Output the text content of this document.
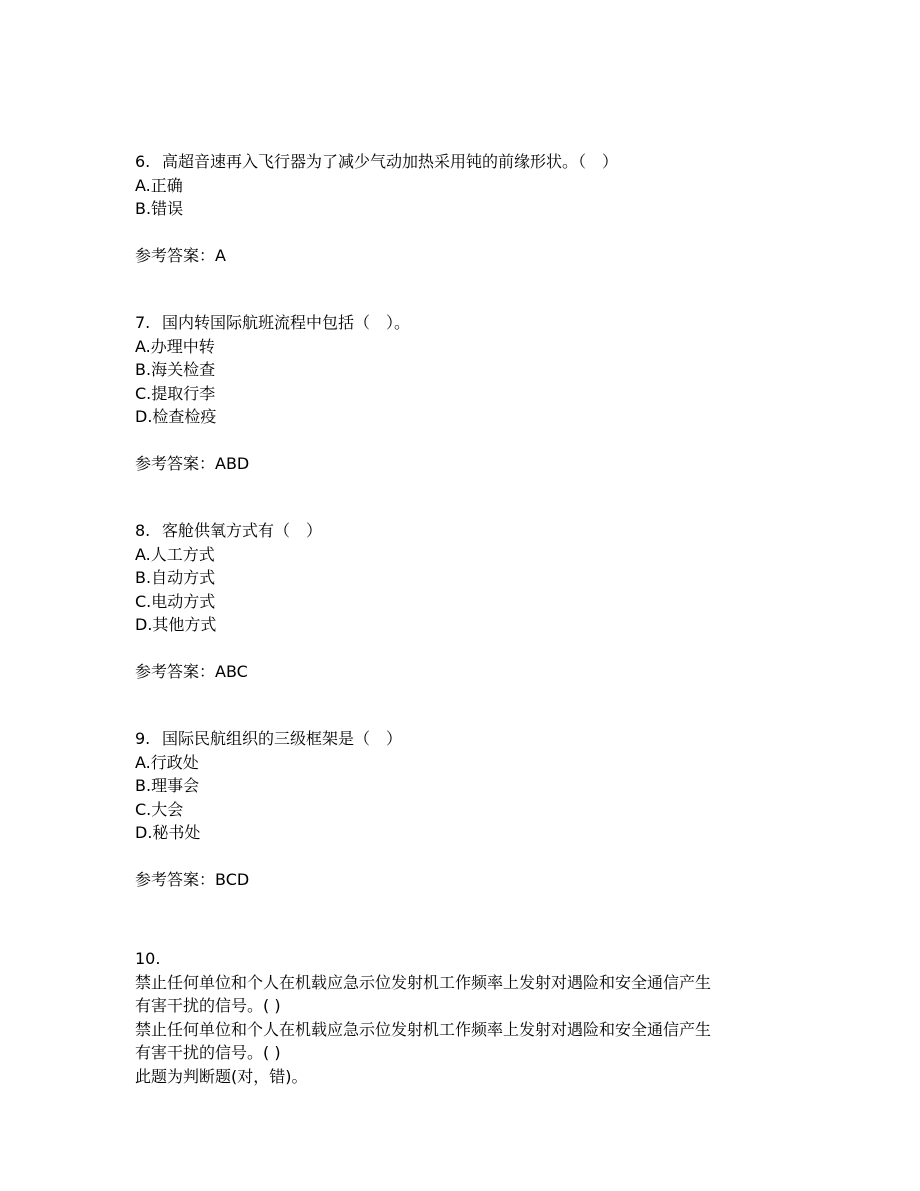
6. 高超音速再入飞行器为了减少气动加热采用钝的前缘形状。（　）
A.正确
B.错误
参考答案：A
7. 国内转国际航班流程中包括（　）。
A.办理中转
B.海关检查
C.提取行李
D.检查检疫
参考答案：ABD
8. 客舱供氧方式有（　）
A.人工方式
B.自动方式
C.电动方式
D.其他方式
参考答案：ABC
9. 国际民航组织的三级框架是（　）
A.行政处
B.理事会
C.大会
D.秘书处
参考答案：BCD
10.
禁止任何单位和个人在机载应急示位发射机工作频率上发射对遇险和安全通信产生
有害干扰的信号。( )
禁止任何单位和个人在机载应急示位发射机工作频率上发射对遇险和安全通信产生
有害干扰的信号。( )
此题为判断题(对，错)。
